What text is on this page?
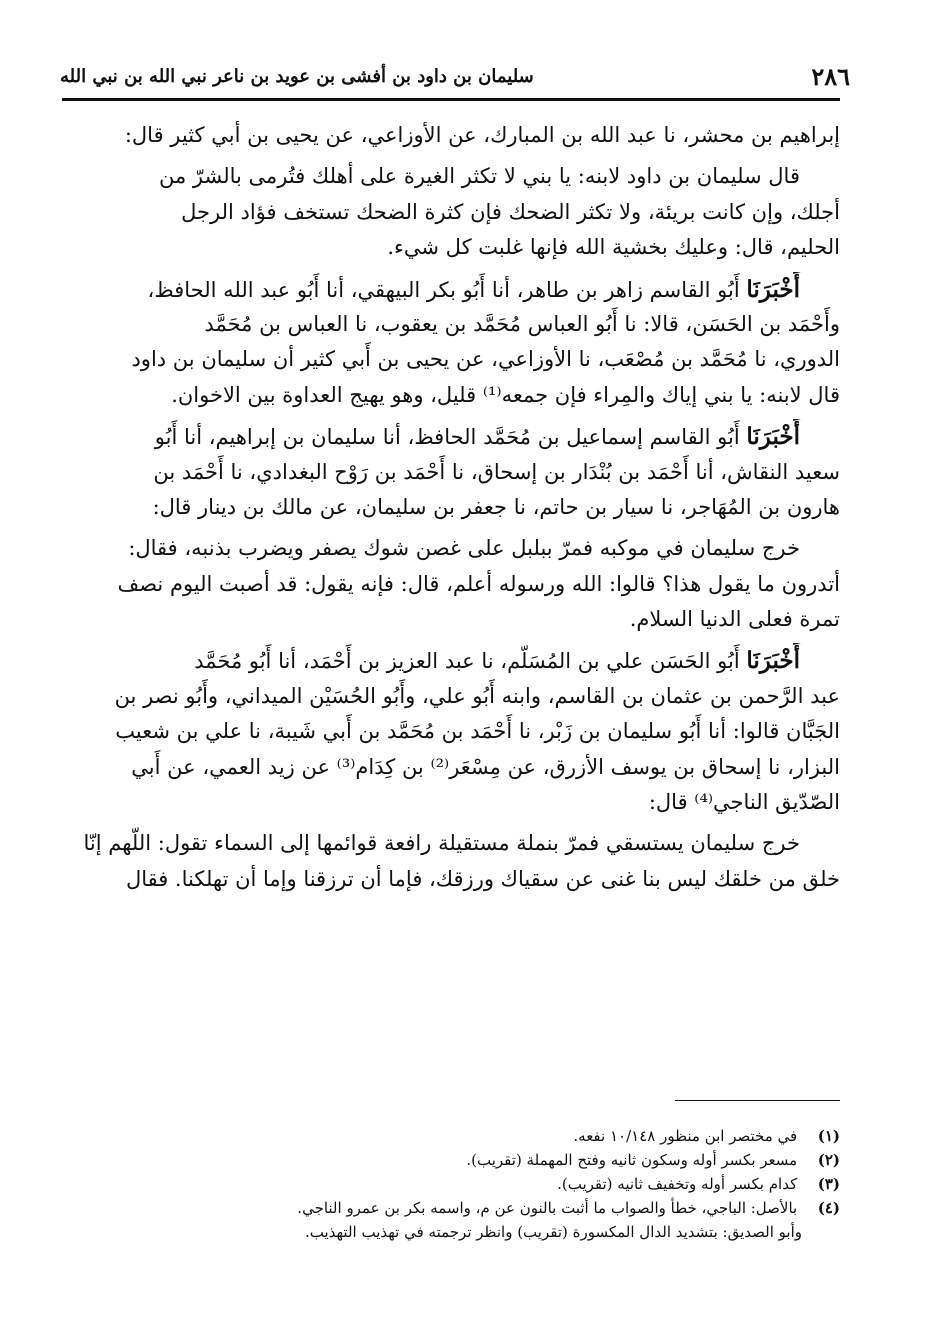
٢٨٦
سليمان بن داود بن أفشى بن عويد بن ناعر نبي الله بن نبي الله
إبراهيم بن محشر، نا عبد الله بن المبارك، عن الأوزاعي، عن يحيى بن أبي كثير قال:
قال سليمان بن داود لابنه: يا بني لا تكثر الغيرة على أهلك فتُرمى بالشرّ من
أجلك، وإن كانت بريئة، ولا تكثر الضحك فإن كثرة الضحك تستخف فؤاد الرجل
الحليم، قال: وعليك بخشية الله فإنها غلبت كل شيء.
أَخْبَرَنَا أَبُو القاسم زاهر بن طاهر، أنا أَبُو بكر البيهقي، أنا أَبُو عبد الله الحافظ،
وأَحْمَد بن الحَسَن، قالا: نا أَبُو العباس مُحَمَّد بن يعقوب، نا العباس بن مُحَمَّد
الدوري، نا مُحَمَّد بن مُصْعَب، نا الأوزاعي، عن يحيى بن أَبي كثير أن سليمان بن داود
قال لابنه: يا بني إياك والمِراء فإن جمعه⁽¹⁾ قليل، وهو يهيج العداوة بين الاخوان.
أَخْبَرَنَا أَبُو القاسم إسماعيل بن مُحَمَّد الحافظ، أنا سليمان بن إبراهيم، أنا أَبُو
سعيد النقاش، أنا أَحْمَد بن بُنْدَار بن إسحاق، نا أَحْمَد بن رَوْح البغدادي، نا أَحْمَد بن
هارون بن المُهَاجر، نا سيار بن حاتم، نا جعفر بن سليمان، عن مالك بن دينار قال:
خرج سليمان في موكبه فمرّ ببلبل على غصن شوك يصفر ويضرب بذنبه، فقال:
أتدرون ما يقول هذا؟ قالوا: الله ورسوله أعلم، قال: فإنه يقول: قد أصبت اليوم نصف
تمرة فعلى الدنيا السلام.
أَخْبَرَنَا أَبُو الحَسَن علي بن المُسَلّم، نا عبد العزيز بن أَحْمَد، أنا أَبُو مُحَمَّد
عبد الرَّحمن بن عثمان بن القاسم، وابنه أَبُو علي، وأَبُو الحُسَيْن الميداني، وأَبُو نصر بن
الجَبَّان قالوا: أنا أَبُو سليمان بن زَبْر، نا أَحْمَد بن مُحَمَّد بن أَبي شَيبة، نا علي بن شعيب
البزار، نا إسحاق بن يوسف الأزرق، عن مِسْعَر⁽²⁾ بن كِدَام⁽³⁾ عن زيد العمي، عن أَبي
الصّدّيق الناجي⁽⁴⁾ قال:
خرج سليمان يستسقي فمرّ بنملة مستقيلة رافعة قوائمها إلى السماء تقول: اللّهم إنّا
خلق من خلقك ليس بنا غنى عن سقياك ورزقك، فإما أن ترزقنا وإما أن تهلكنا. فقال
(١) في مختصر ابن منظور ١٠/١٤٨ نفعه.
(٢) مسعر بكسر أوله وسكون ثانيه وفتح المهملة (تقريب).
(٣) كدام بكسر أوله وتخفيف ثانيه (تقريب).
(٤) بالأصل: الباجي، خطأ والصواب ما أثبت بالنون عن م، واسمه بكر بن عمرو الناجي.
وأبو الصديق: بتشديد الدال المكسورة (تقريب) وانظر ترجمته في تهذيب التهذيب.
